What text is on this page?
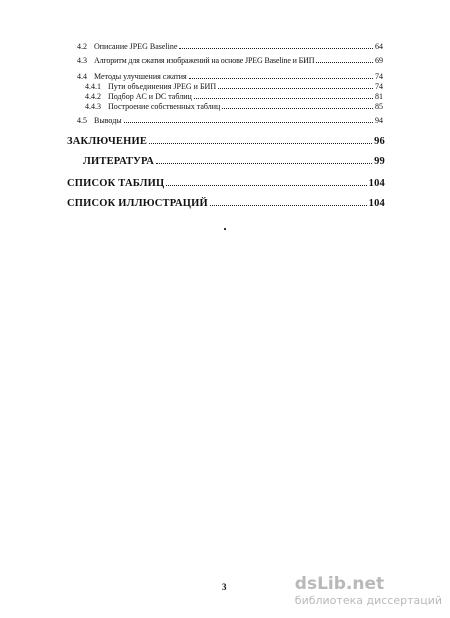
4.2 Описание JPEG Baseline	64
4.3 Алгоритм для сжатия изображений на основе JPEG Baseline и БИП	69
4.4 Методы улучшения сжатия	74
4.4.1 Пути объединения JPEG и БИП	74
4.4.2 Подбор AC и DC таблиц	81
4.4.3 Построение собственных таблиц	85
4.5 Выводы	94
ЗАКЛЮЧЕНИЕ	96
ЛИТЕРАТУРА	99
СПИСОК ТАБЛИЦ	104
СПИСОК ИЛЛЮСТРАЦИЙ	104
3	dsLib.net
библиотека диссертаций
